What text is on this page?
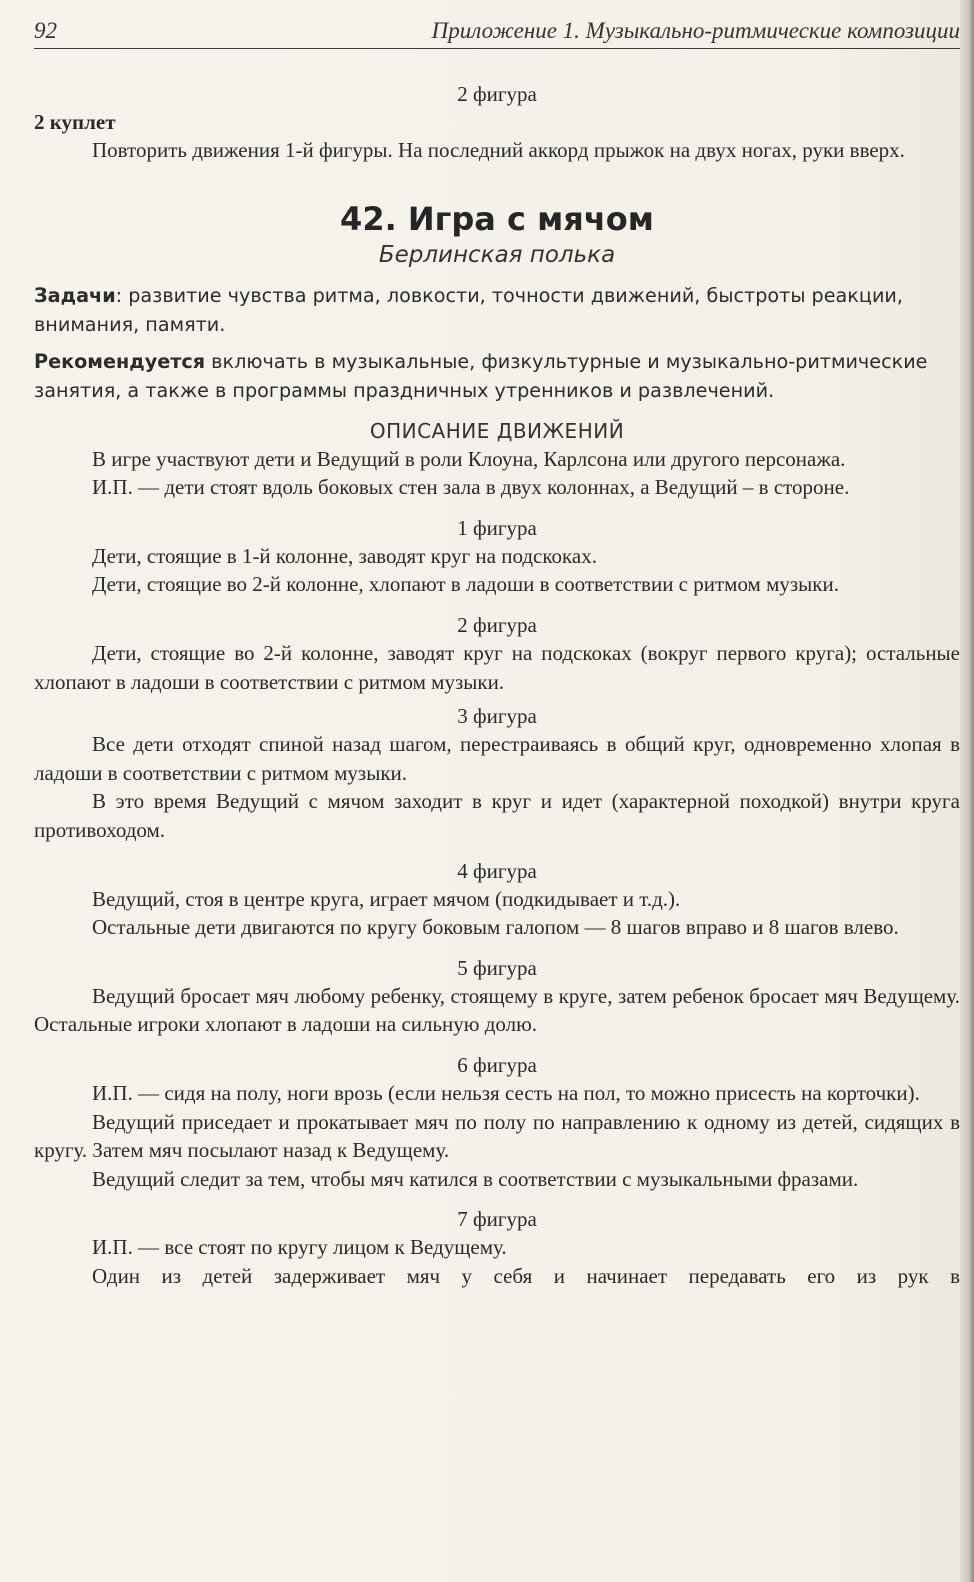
92	Приложение 1. Музыкально-ритмические композиции

2 фигура

2 куплет

Повторить движения 1-й фигуры. На последний аккорд прыжок на двух ногах, руки вверх.

42. Игра с мячом

Берлинская полька

Задачи: развитие чувства ритма, ловкости, точности движений, быстроты реакции, внимания, памяти.

Рекомендуется включать в музыкальные, физкультурные и музыкально-ритмические занятия, а также в программы праздничных утренников и развлечений.

ОПИСАНИЕ ДВИЖЕНИЙ

В игре участвуют дети и Ведущий в роли Клоуна, Карлсона или другого персонажа.

И.П. — дети стоят вдоль боковых стен зала в двух колоннах, а Ведущий – в стороне.

1 фигура

Дети, стоящие в 1-й колонне, заводят круг на подскоках.

Дети, стоящие во 2-й колонне, хлопают в ладоши в соответствии с ритмом музыки.

2 фигура

Дети, стоящие во 2-й колонне, заводят круг на подскоках (вокруг первого круга); остальные хлопают в ладоши в соответствии с ритмом музыки.

3 фигура

Все дети отходят спиной назад шагом, перестраиваясь в общий круг, одновременно хлопая в ладоши в соответствии с ритмом музыки.

В это время Ведущий с мячом заходит в круг и идет (характерной походкой) внутри круга противоходом.

4 фигура

Ведущий, стоя в центре круга, играет мячом (подкидывает и т.д.).

Остальные дети двигаются по кругу боковым галопом — 8 шагов вправо и 8 шагов влево.

5 фигура

Ведущий бросает мяч любому ребенку, стоящему в круге, затем ребенок бросает мяч Ведущему. Остальные игроки хлопают в ладоши на сильную долю.

6 фигура

И.П. — сидя на полу, ноги врозь (если нельзя сесть на пол, то можно присесть на корточки).

Ведущий приседает и прокатывает мяч по полу по направлению к одному из детей, сидящих в кругу. Затем мяч посылают назад к Ведущему.

Ведущий следит за тем, чтобы мяч катился в соответствии с музыкальными фразами.

7 фигура

И.П. — все стоят по кругу лицом к Ведущему.

Один из детей задерживает мяч у себя и начинает передавать его из рук в
